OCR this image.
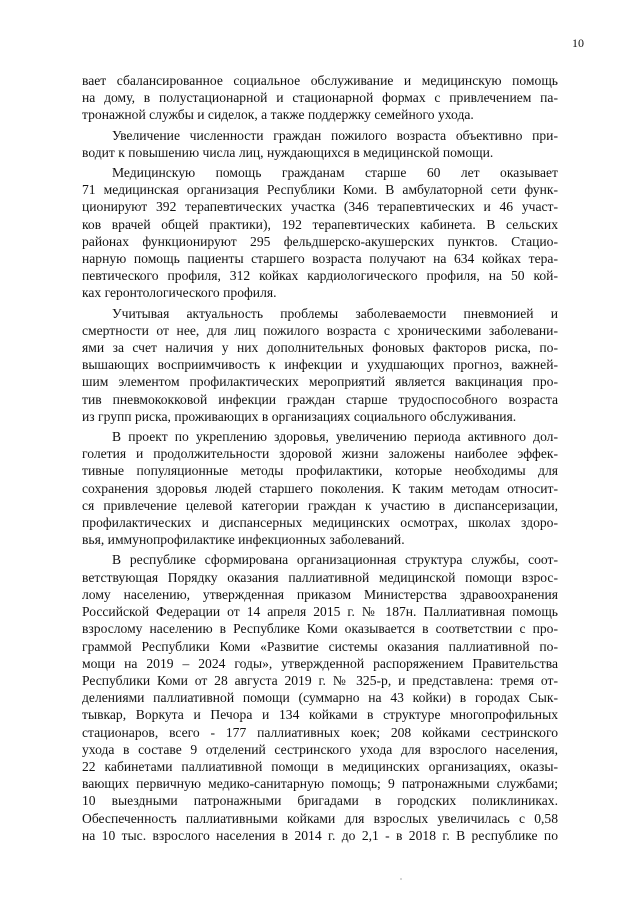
10
вает сбалансированное социальное обслуживание и медицинскую помощь
на дому, в полустационарной и стационарной формах с привлечением па-
тронажной службы и сиделок, а также поддержку семейного ухода.
Увеличение численности граждан пожилого возраста объективно при-
водит к повышению числа лиц, нуждающихся в медицинской помощи.
Медицинскую помощь гражданам старше 60 лет оказывает
71 медицинская организация Республики Коми. В амбулаторной сети функ-
ционируют 392 терапевтических участка (346 терапевтических и 46 участ-
ков врачей общей практики), 192 терапевтических кабинета. В сельских
районах функционируют 295 фельдшерско-акушерских пунктов. Стацио-
нарную помощь пациенты старшего возраста получают на 634 койках тера-
певтического профиля, 312 койках кардиологического профиля, на 50 кой-
ках геронтологического профиля.
Учитывая актуальность проблемы заболеваемости пневмонией и
смертности от нее, для лиц пожилого возраста с хроническими заболевани-
ями за счет наличия у них дополнительных фоновых факторов риска, по-
вышающих восприимчивость к инфекции и ухудшающих прогноз, важней-
шим элементом профилактических мероприятий является вакцинация про-
тив пневмококковой инфекции граждан старше трудоспособного возраста
из групп риска, проживающих в организациях социального обслуживания.
В проект по укреплению здоровья, увеличению периода активного дол-
голетия и продолжительности здоровой жизни заложены наиболее эффек-
тивные популяционные методы профилактики, которые необходимы для
сохранения здоровья людей старшего поколения. К таким методам относит-
ся привлечение целевой категории граждан к участию в диспансеризации,
профилактических и диспансерных медицинских осмотрах, школах здоро-
вья, иммунопрофилактике инфекционных заболеваний.
В республике сформирована организационная структура службы, соот-
ветствующая Порядку оказания паллиативной медицинской помощи взрос-
лому населению, утвержденная приказом Министерства здравоохранения
Российской Федерации от 14 апреля 2015 г. № 187н. Паллиативная помощь
взрослому населению в Республике Коми оказывается в соответствии с про-
граммой Республики Коми «Развитие системы оказания паллиативной по-
мощи на 2019 – 2024 годы», утвержденной распоряжением Правительства
Республики Коми от 28 августа 2019 г. № 325-р, и представлена: тремя от-
делениями паллиативной помощи (суммарно на 43 койки) в городах Сык-
тывкар, Воркута и Печора и 134 койками в структуре многопрофильных
стационаров, всего - 177 паллиативных коек; 208 койками сестринского
ухода в составе 9 отделений сестринского ухода для взрослого населения,
22 кабинетами паллиативной помощи в медицинских организациях, оказы-
вающих первичную медико-санитарную помощь; 9 патронажными службами;
10 выездными патронажными бригадами в городских поликлиниках.
Обеспеченность паллиативными койками для взрослых увеличилась с 0,58
на 10 тыс. взрослого населения в 2014 г. до 2,1 - в 2018 г. В республике по
